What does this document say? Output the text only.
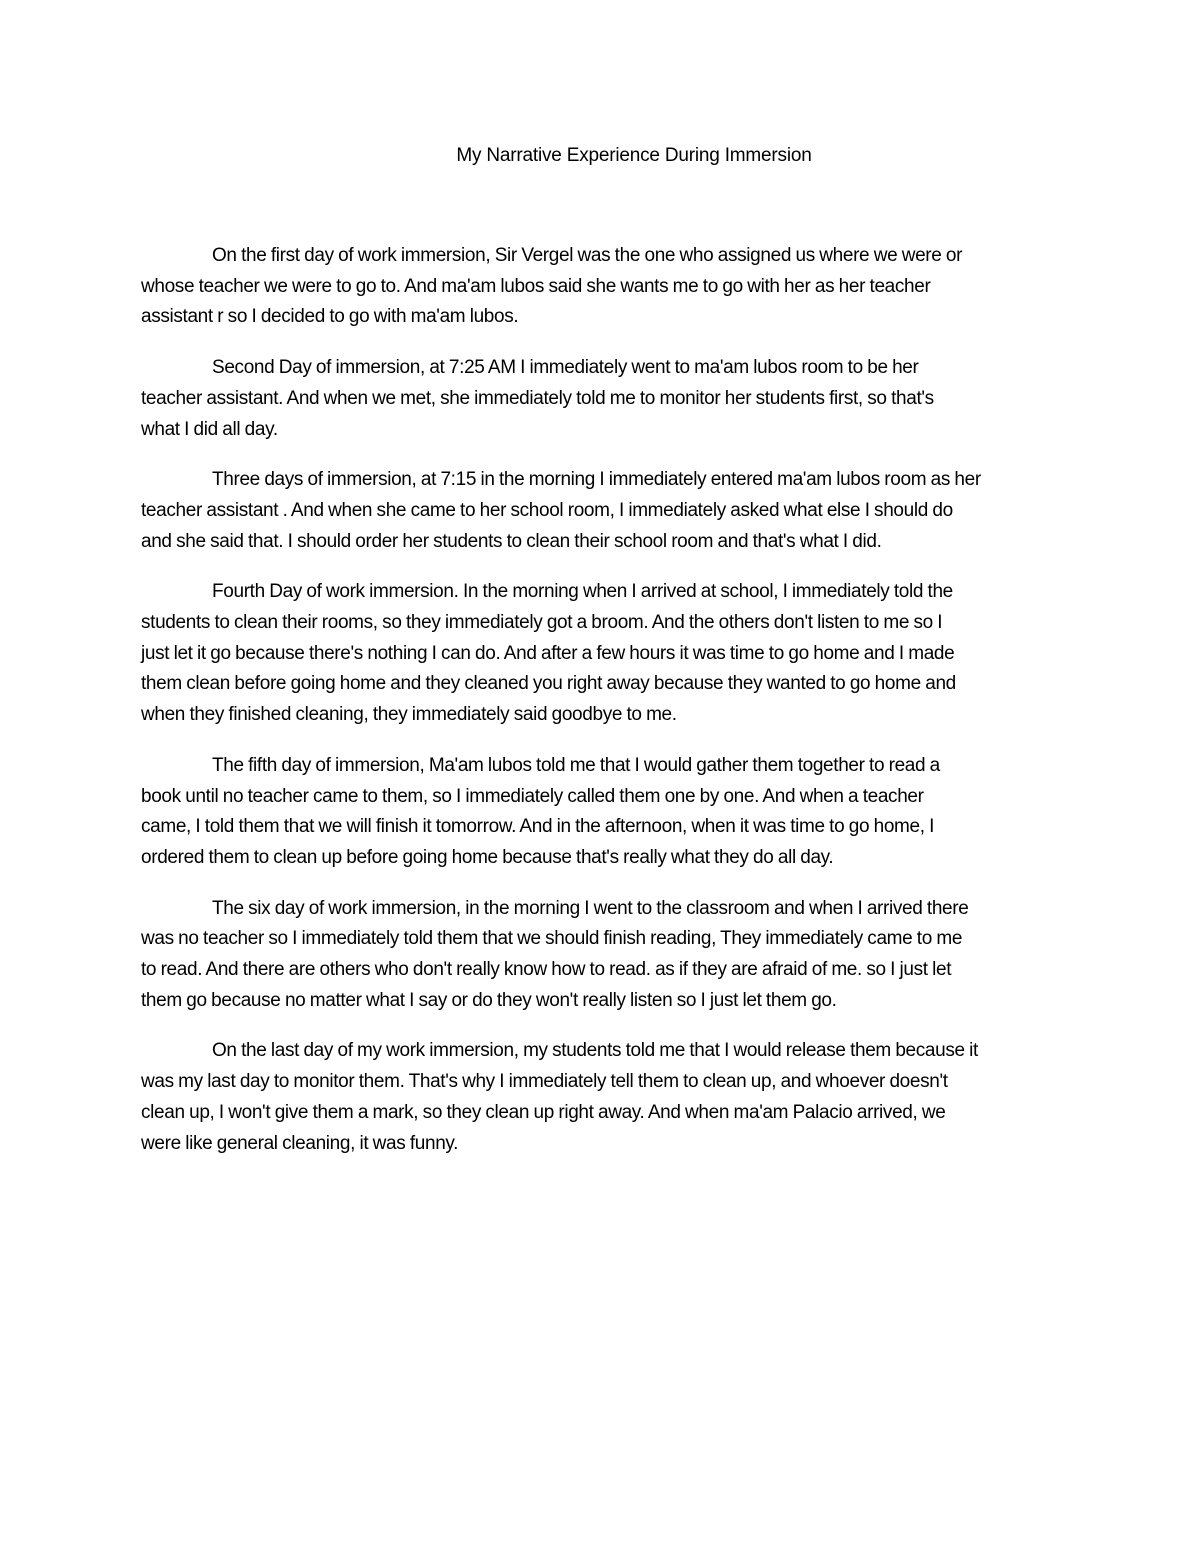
My Narrative Experience During Immersion

On the first day of work immersion, Sir Vergel was the one who assigned us where we were or
whose teacher we were to go to. And ma'am lubos said she wants me to go with her as her teacher
assistant r so I decided to go with ma'am lubos.

Second Day of immersion, at 7:25 AM I immediately went to ma'am lubos room to be her
teacher assistant. And when we met, she immediately told me to monitor her students first, so that's
what I did all day.

Three days of immersion, at 7:15 in the morning I immediately entered ma'am lubos room as her
teacher assistant . And when she came to her school room, I immediately asked what else I should do
and she said that. I should order her students to clean their school room and that's what I did.

Fourth Day of work immersion. In the morning when I arrived at school, I immediately told the
students to clean their rooms, so they immediately got a broom. And the others don't listen to me so I
just let it go because there's nothing I can do. And after a few hours it was time to go home and I made
them clean before going home and they cleaned you right away because they wanted to go home and
when they finished cleaning, they immediately said goodbye to me.

The fifth day of immersion, Ma'am lubos told me that I would gather them together to read a
book until no teacher came to them, so I immediately called them one by one. And when a teacher
came, I told them that we will finish it tomorrow. And in the afternoon, when it was time to go home, I
ordered them to clean up before going home because that's really what they do all day.

The six day of work immersion, in the morning I went to the classroom and when I arrived there
was no teacher so I immediately told them that we should finish reading, They immediately came to me
to read. And there are others who don't really know how to read. as if they are afraid of me. so I just let
them go because no matter what I say or do they won't really listen so I just let them go.

On the last day of my work immersion, my students told me that I would release them because it
was my last day to monitor them. That's why I immediately tell them to clean up, and whoever doesn't
clean up, I won't give them a mark, so they clean up right away. And when ma'am Palacio arrived, we
were like general cleaning, it was funny.
